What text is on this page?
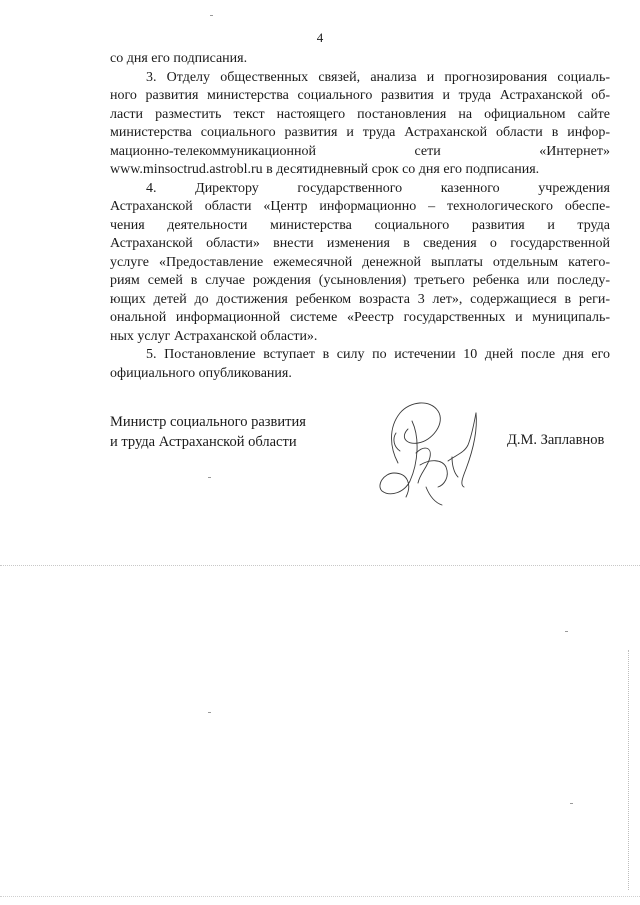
4
со дня его подписания.
3. Отделу общественных связей, анализа и прогнозирования социаль-
ного развития министерства социального развития и труда Астраханской об-
ласти разместить текст настоящего постановления на официальном сайте
министерства социального развития и труда Астраханской области в инфор-
мационно-телекоммуникационной сети «Интернет»
www.minsoctrud.astrobl.ru в десятидневный срок со дня его подписания.
4. Директору государственного казенного учреждения
Астраханской области «Центр информационно – технологического обеспе-
чения деятельности министерства социального развития и труда
Астраханской области» внести изменения в сведения о государственной
услуге «Предоставление ежемесячной денежной выплаты отдельным катего-
риям семей в случае рождения (усыновления) третьего ребенка или последу-
ющих детей до достижения ребенком возраста 3 лет», содержащиеся в реги-
ональной информационной системе «Реестр государственных и муниципаль-
ных услуг Астраханской области».
5. Постановление вступает в силу по истечении 10 дней после дня его
официального опубликования.
Министр социального развития
и труда Астраханской области	Д.М. Заплавнов
